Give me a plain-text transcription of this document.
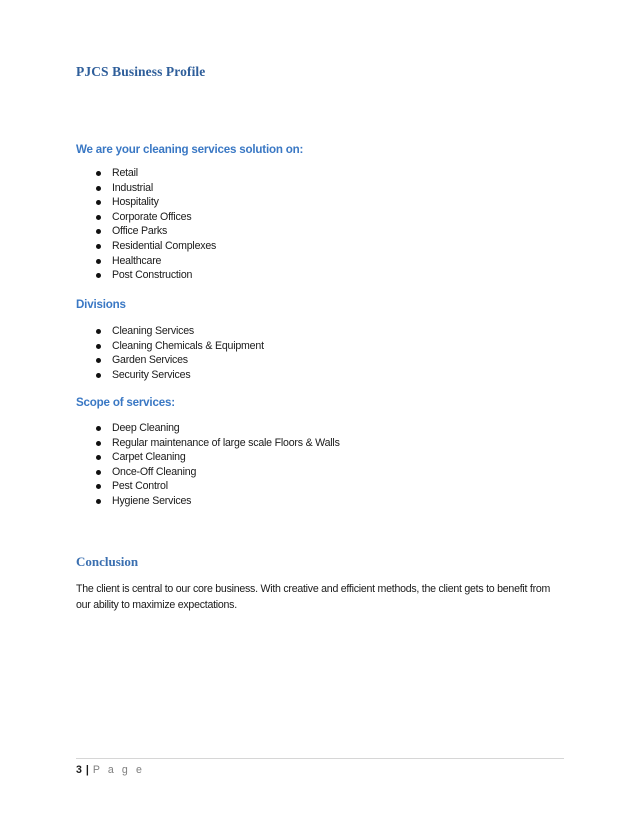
PJCS Business Profile
We are your cleaning services solution on:
Retail
Industrial
Hospitality
Corporate Offices
Office Parks
Residential Complexes
Healthcare
Post Construction
Divisions
Cleaning Services
Cleaning Chemicals & Equipment
Garden Services
Security Services
Scope of services:
Deep Cleaning
Regular maintenance of large scale Floors & Walls
Carpet Cleaning
Once-Off Cleaning
Pest Control
Hygiene Services
Conclusion

The client is central to our core business. With creative and efficient methods, the client gets to benefit from our ability to maximize expectations.

3 | P a g e
